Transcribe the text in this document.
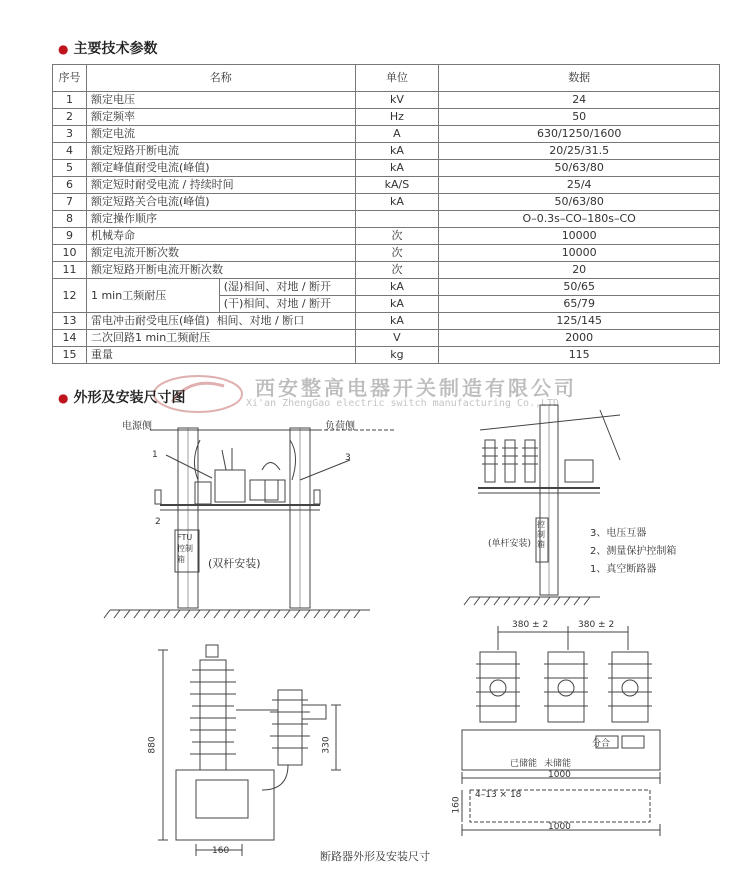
● 主要技术参数
序号	名称		单位	数据
1	额定电压		kV	24
2	额定频率		Hz	50
3	额定电流		A	630/1250/1600
4	额定短路开断电流		kA	20/25/31.5
5	额定峰值耐受电流(峰值)		kA	50/63/80
6	额定短时耐受电流 / 持续时间		kA/S	25/4
7	额定短路关合电流(峰值)		kA	50/63/80
8	额定操作顺序			O–0.3s–CO–180s–CO
9	机械寿命		次	10000
10	额定电流开断次数		次	10000
11	额定短路开断电流开断次数		次	20
12	1 min工频耐压	(湿)相间、对地 / 断开	kA	50/65
		(干)相间、对地 / 断开	kA	65/79
13	雷电冲击耐受电压(峰值) 相间、对地 / 断口		kA	125/145
14	二次回路1 min工频耐压		V	2000
15	重量		kg	115
西安整高电器开关制造有限公司
Xi'an ZhengGao electric switch manufacturing Co.,LTD
● 外形及安装尺寸图
电源侧	负荷侧
1	3
2
FTU控制箱	(双杆安装)
(单杆安装)
控制箱
3、电压互器
2、测量保护控制箱
1、真空断路器
380 ± 2	380 ± 2
880	330
160
分合
已储能 未储能
1000
4–13 × 18
160
1000
断路器外形及安装尺寸
